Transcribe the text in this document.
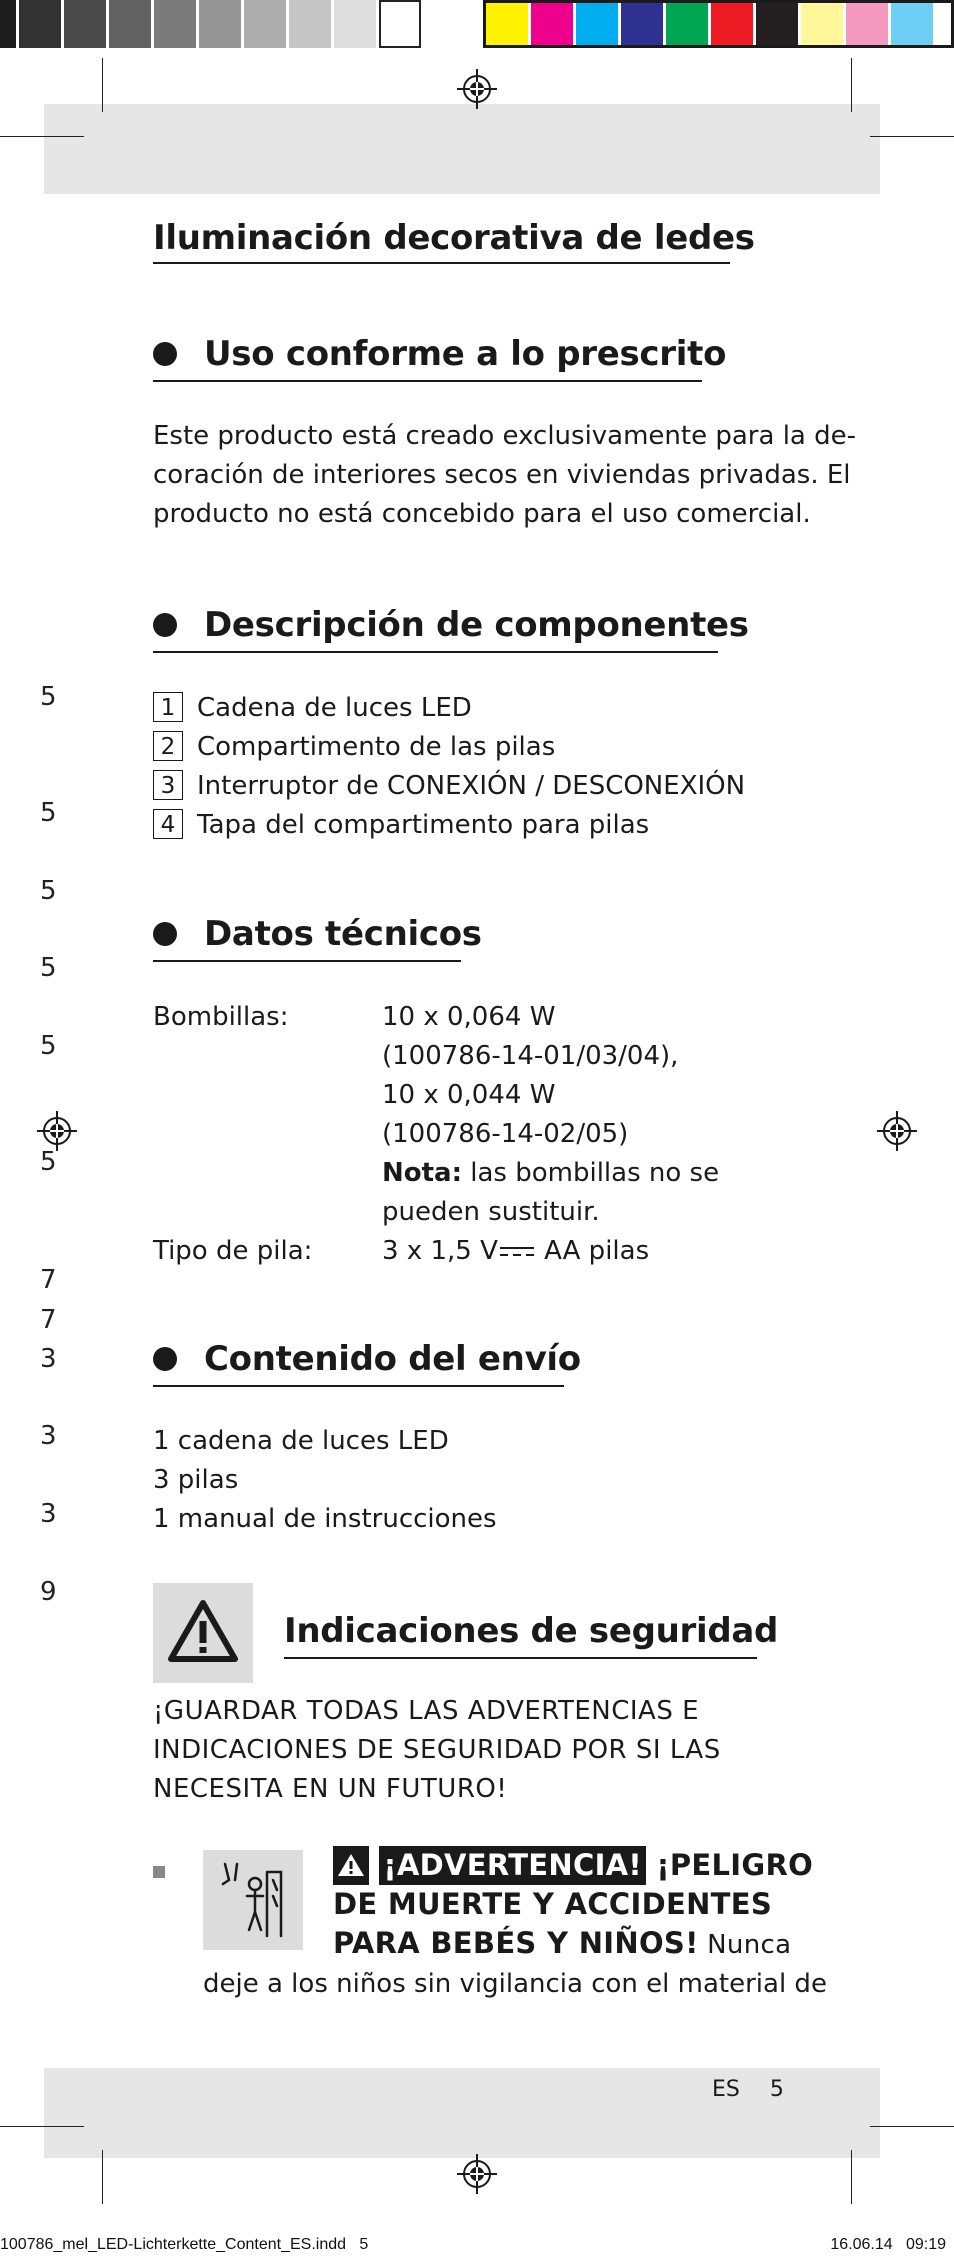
Iluminación decorativa de ledes
Uso conforme a lo prescrito
Este producto está creado exclusivamente para la de-
coración de interiores secos en viviendas privadas. El
producto no está concebido para el uso comercial.
Descripción de componentes
1 Cadena de luces LED
2 Compartimento de las pilas
3 Interruptor de CONEXIÓN / DESCONEXIÓN
4 Tapa del compartimento para pilas
Datos técnicos
Bombillas:	10 x 0,064 W
(100786-14-01/03/04),
10 x 0,044 W
(100786-14-02/05)
Nota: las bombillas no se
pueden sustituir.
Tipo de pila:	3 x 1,5 V AA pilas
Contenido del envío
1 cadena de luces LED
3 pilas
1 manual de instrucciones
Indicaciones de seguridad
¡GUARDAR TODAS LAS ADVERTENCIAS E
INDICACIONES DE SEGURIDAD POR SI LAS
NECESITA EN UN FUTURO!
¡ADVERTENCIA! ¡PELIGRO
DE MUERTE Y ACCIDENTES
PARA BEBÉS Y NIÑOS! Nunca
deje a los niños sin vigilancia con el material de
5
5
5
5
5
5
7
7
3
3
3
9
ES 5
100786_mel_LED-Lichterkette_Content_ES.indd   5	16.06.14   09:19
